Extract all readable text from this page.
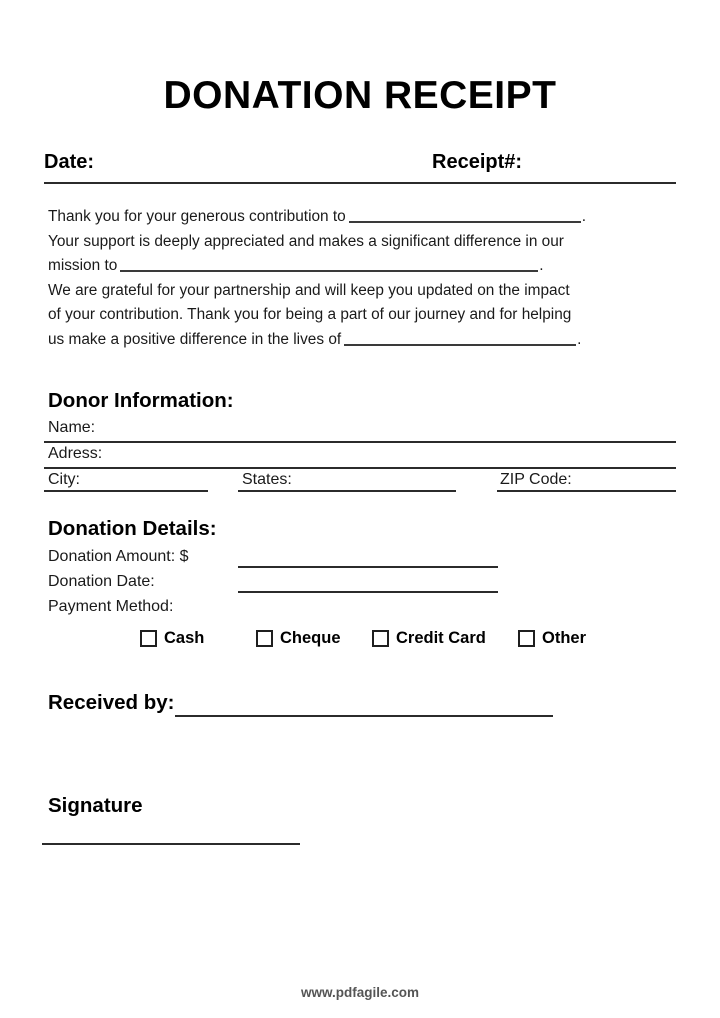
DONATION RECEIPT
Date:	Receipt#:

Thank you for your generous contribution to	.

Your support is deeply appreciated and makes a significant difference in our

mission to	.

We are grateful for your partnership and will keep you updated on the impact

of your contribution. Thank you for being a part of our journey and for helping

us make a positive difference in the lives of	.

Donor Information:
Name:
Adress:
City:	States:	ZIP Code:
Donation Details:
Donation Amount: $
Donation Date:
Payment Method:
Cash	Cheque	Credit Card	Other
Received by:
Signature
www.pdfagile.com
